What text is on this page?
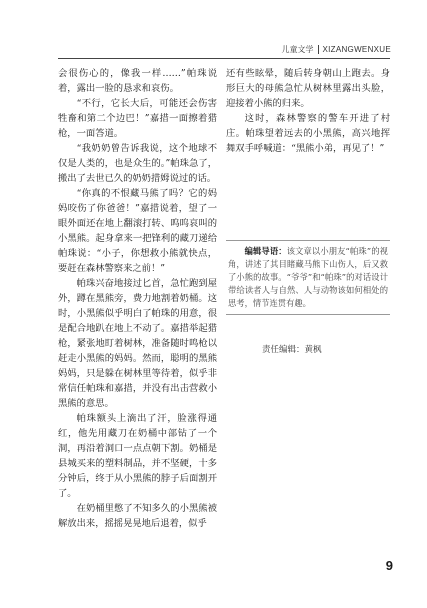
儿童文学 XIZANGWENXUE

会很伤心的，像我一样……”帕珠说着，露出一脸的恳求和哀伤。

“不行，它长大后，可能还会伤害牲畜和第二个边巴！”嘉措一面擦着猎枪，一面答道。

“我奶奶曾告诉我说，这个地球不仅是人类的，也是众生的。”帕珠急了，搬出了去世已久的奶奶措姆说过的话。

“你真的不恨藏马熊了吗？它的妈妈咬伤了你爸爸！”嘉措说着，望了一眼外面还在地上翻滚打转、呜呜哀叫的小黑熊。起身拿来一把锋利的藏刀递给帕珠说：“小子，你想救小熊就快点，要赶在森林警察来之前！”

帕珠兴奋地接过匕首，急忙跑到屋外，蹲在黑熊旁，费力地割着奶桶。这时，小黑熊似乎明白了帕珠的用意，很是配合地趴在地上不动了。嘉措举起猎枪，紧张地盯着树林，准备随时鸣枪以赶走小黑熊的妈妈。然而，聪明的黑熊妈妈，只是躲在树林里等待着，似乎非常信任帕珠和嘉措，并没有出击营救小黑熊的意思。

帕珠额头上滴出了汗，脸涨得通红，他先用藏刀在奶桶中部钻了一个洞，再沿着洞口一点点朝下割。奶桶是县城买来的塑料制品，并不坚硬，十多分钟后，终于从小黑熊的脖子后面割开了。

在奶桶里憋了不知多久的小黑熊被解放出来，摇摇晃晃地后退着，似乎

还有些眩晕，随后转身朝山上跑去。身形巨大的母熊急忙从树林里露出头脸，迎接着小熊的归来。

这时，森林警察的警车开进了村庄。帕珠望着远去的小黑熊，高兴地挥舞双手呼喊道：“黑熊小弟，再见了！”

编辑导语：该文章以小朋友“帕珠”的视角，讲述了其目睹藏马熊下山伤人，后又救了小熊的故事。“爷爷”和“帕珠”的对话设计带给读者人与自然、人与动物该如何相处的思考，情节连贯有趣。

责任编辑：黄枫
9
